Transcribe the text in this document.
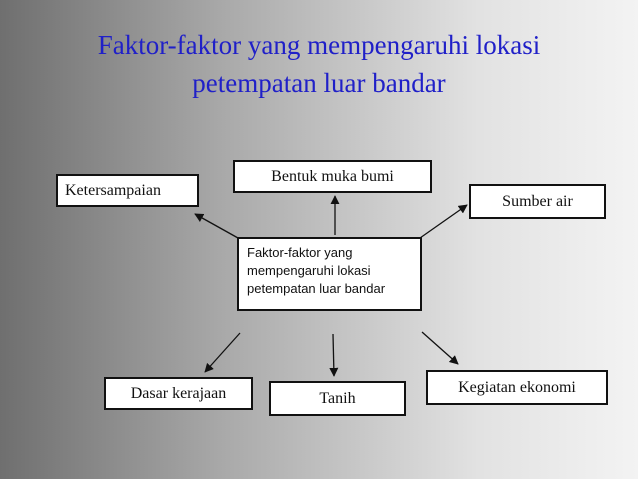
Faktor-faktor yang mempengaruhi lokasi
petempatan luar bandar
Ketersampaian
Bentuk muka bumi
Sumber air
Faktor-faktor yang
mempengaruhi lokasi
petempatan luar bandar
Dasar kerajaan	Tanih
Kegiatan ekonomi
